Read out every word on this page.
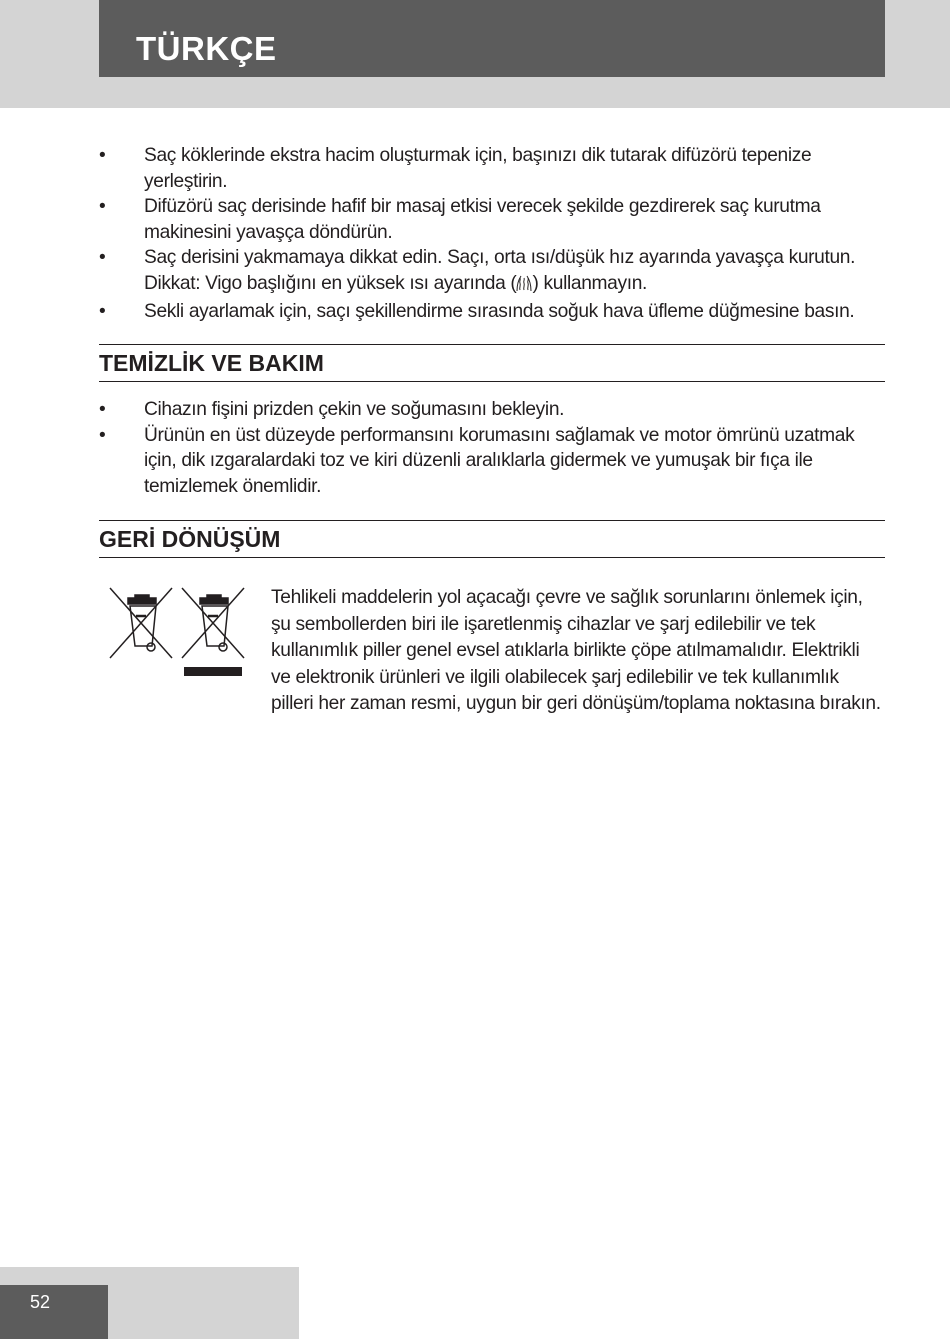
TÜRKÇE
• Saç köklerinde ekstra hacim oluşturmak için, başınızı dik tutarak difüzörü tepenize yerleştirin.
• Difüzörü saç derisinde hafif bir masaj etkisi verecek şekilde gezdirerek saç kurutma makinesini yavaşça döndürün.
• Saç derisini yakmamaya dikkat edin. Saçı, orta ısı/düşük hız ayarında yavaşça kurutun. Dikkat: Vigo başlığını en yüksek ısı ayarında ( ) kullanmayın.
• Sekli ayarlamak için, saçı şekillendirme sırasında soğuk hava üfleme düğmesine basın.
TEMİZLİK VE BAKIM
• Cihazın fişini prizden çekin ve soğumasını bekleyin.
• Ürünün en üst düzeyde performansını korumasını sağlamak ve motor ömrünü uzatmak için, dik ızgaralardaki toz ve kiri düzenli aralıklarla gidermek ve yumuşak bir fıça ile temizlemek önemlidir.
GERİ DÖNÜŞÜM
Tehlikeli maddelerin yol açacağı çevre ve sağlık sorunlarını önlemek için, şu sembollerden biri ile işaretlenmiş cihazlar ve şarj edilebilir ve tek kullanımlık piller genel evsel atıklarla birlikte çöpe atılmamalıdır. Elektrikli ve elektronik ürünleri ve ilgili olabilecek şarj edilebilir ve tek kullanımlık pilleri her zaman resmi, uygun bir geri dönüşüm/toplama noktasına bırakın.
52
